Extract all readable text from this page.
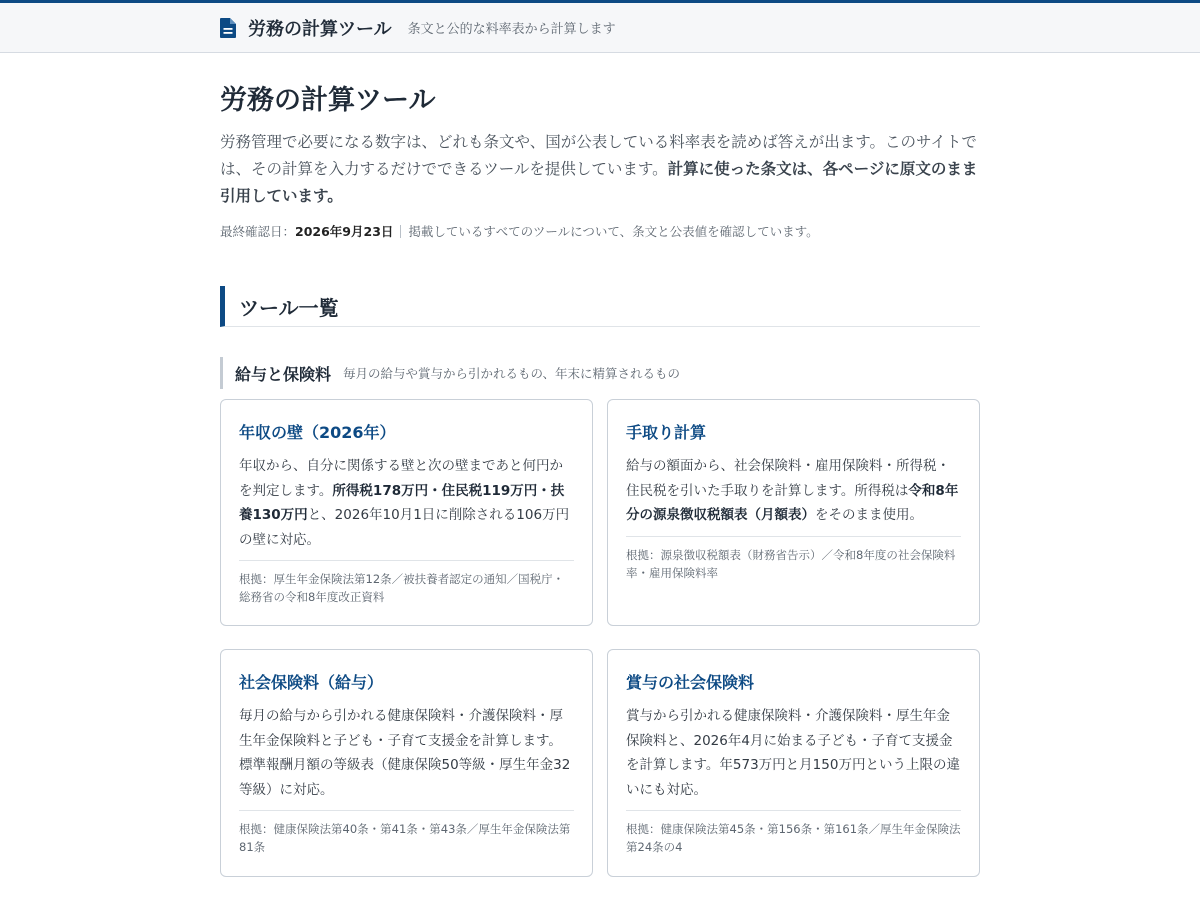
労務の計算ツール 条文と公的な料率表から計算します
労務の計算ツール

労務管理で必要になる数字は、どれも条文や、国が公表している料率表を読めば答えが出ます。このサイトでは、その計算を入力するだけでできるツールを提供しています。計算に使った条文は、各ページに原文のまま引用しています。

最終確認日： 2026年9月23日 掲載しているすべてのツールについて、条文と公表値を確認しています。
ツール一覧
給与と保険料 毎月の給与や賞与から引かれるもの、年末に精算されるもの
年収の壁（2026年）

年収から、自分に関係する壁と次の壁まであと何円かを判定します。所得税178万円・住民税119万円・扶養130万円と、2026年10月1日に削除される106万円の壁に対応。

根拠：厚生年金保険法第12条／被扶養者認定の通知／国税庁・総務省の令和8年度改正資料

手取り計算

給与の額面から、社会保険料・雇用保険料・所得税・住民税を引いた手取りを計算します。所得税は令和8年分の源泉徴収税額表（月額表）をそのまま使用。

根拠：源泉徴収税額表（財務省告示）／令和8年度の社会保険料率・雇用保険料率

社会保険料（給与）

毎月の給与から引かれる健康保険料・介護保険料・厚生年金保険料と子ども・子育て支援金を計算します。標準報酬月額の等級表（健康保険50等級・厚生年金32等級）に対応。

根拠：健康保険法第40条・第41条・第43条／厚生年金保険法第81条

賞与の社会保険料

賞与から引かれる健康保険料・介護保険料・厚生年金保険料と、2026年4月に始まる子ども・子育て支援金を計算します。年573万円と月150万円という上限の違いにも対応。

根拠：健康保険法第45条・第156条・第161条／厚生年金保険法第24条の4
